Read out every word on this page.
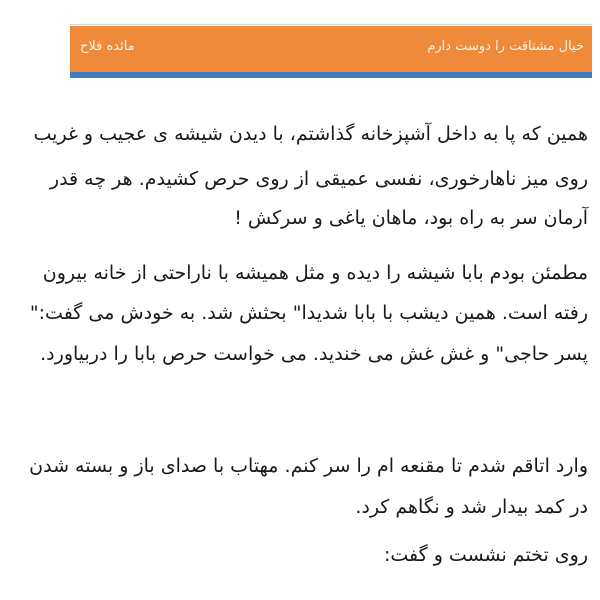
خیال مشتاقت را دوست دارم
مائده فلاح
همین که پا به داخل آشپزخانه گذاشتم، با دیدن شیشه ی عجیب و غریب
روی میز ناهارخوری، نفسی عمیقی از روی حرص کشیدم. هر چه قدر
آرمان سر به راه بود، ماهان یاغی و سرکش !
مطمئن بودم بابا شیشه را دیده و مثل همیشه با ناراحتی از خانه بیرون
رفته است. همین دیشب با بابا شدیدا" بحثش شد. به خودش می گفت:"
پسر حاجی" و غش غش می خندید. می خواست حرص بابا را دربیاورد.
وارد اتاقم شدم تا مقنعه ام را سر کنم. مهتاب با صدای باز و بسته شدن
در کمد بیدار شد و نگاهم کرد.
روی تختم نشست و گفت:
